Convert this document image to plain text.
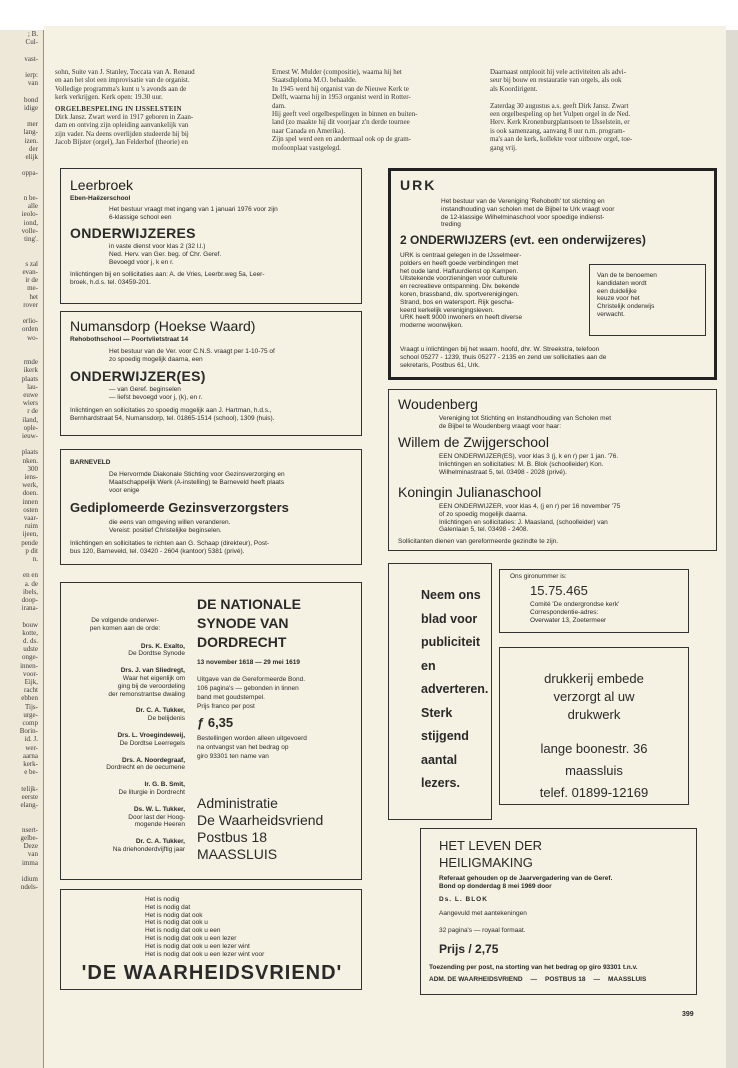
; B.
Cul-

vast-

ierp:
van

bond
idige

mer
lang-
izen.
der
elijk

oppa-

n be-
alle
ieolo-
iond,
volle-
ting'.

s zal
evan-
ir de
me-
het
rover

erlio-
orden
wo-

rmde
ikerk
plaats
lau-
euwe
wiers
r de
iland,
ople-
ieuw-

plaats
nken.
300
iens-
werk,
doen.
innen
osten
vaar-
ruim
ijeen,
pende
p dit
n.

en en
a. de
ibels,
doop-
irana-

bouw
kotte,
d. ds.
udste
onge-
innen-
voor-
Eijk,
racht
ebben
Tijs-
urge-
comp
Borin-
id. J.
wer-
aarna
kerk-
e be-

telijk-
eerste
elang-

nsert-
gelbe-
Deze
van
imma

idium
ndels-
sohn, Suite van J. Stanley, Toccata van A. Renaud
en aan het slot een improvisatie van de organist.
Volledige programma's kunt u 's avonds aan de
kerk verkrijgen. Kerk open: 19.30 uur.

ORGELBESPELING IN IJSSELSTEIN

Dirk Jansz. Zwart werd in 1917 geboren in Zaan-
dam en ontving zijn opleiding aanvankelijk van
zijn vader. Na deens overlijden studeerde hij bij
Jacob Bijster (orgel), Jan Felderhof (theorie) en
Ernest W. Mulder (compositie), waarna hij het
Staatsdiploma M.O. behaalde.
In 1945 werd hij organist van de Nieuwe Kerk te
Delft, waarna hij in 1953 organist werd in Rotter-
dam.
Hij geeft veel orgelbespelingen in binnen en buiten-
land (zo maakte hij dit voorjaar z'n derde tournee
naar Canada en Amerika).
Zijn spel werd een en andermaal ook op de gram-
mofoonplaat vastgelegd.
Daarnaast ontplooit hij vele activiteiten als advi-
seur bij bouw en restauratie van orgels, als ook
als Koordirigent.

Zaterdag 30 augustus a.s. geeft Dirk Jansz. Zwart
een orgelbespeling op het Vulpen orgel in de Ned.
Herv. Kerk Kronenburgplantsoen te IJsselstein, er
is ook samenzang, aanvang 8 uur n.m. program-
ma's aan de kerk, kollekte voor uitbouw orgel, toe-
gang vrij.
Leerbroek
Eben-Haëzerschool
Het bestuur vraagt met ingang van 1 januari 1976 voor zijn
6-klassige school een
ONDERWIJZERES
in vaste dienst voor klas 2 (32 l.l.)
Ned. Herv. van Ger. beg. of Chr. Geref.
Bevoegd voor j, k en r.
Inlichtingen bij en sollicitaties aan: A. de Vries, Leerbr.weg 5a, Leer-
broek, h.d.s. tel. 03459-201.
Numansdorp (Hoekse Waard)
Rehobothschool — Poortvlietstraat 14
Het bestuur van de Ver. voor C.N.S. vraagt per 1-10-75 of
zo spoedig mogelijk daarna, een
ONDERWIJZER(ES)
— van Geref. beginselen
— liefst bevoegd voor j, (k), en r.
Inlichtingen en sollicitaties zo spoedig mogelijk aan J. Hartman, h.d.s.,
Bernhardstraat 54, Numansdorp, tel. 01865-1514 (school), 1309 (huis).
BARNEVELD
De Hervormde Diakonale Stichting voor Gezinsverzorging en
Maatschappelijk Werk (A-instelling) te Barneveld heeft plaats
voor enige
Gediplomeerde Gezinsverzorgsters
die eens van omgeving willen veranderen.
Vereist: positief Christelijke beginselen.
Inlichtingen en sollicitaties te richten aan G. Schaap (direkteur), Post-
bus 120, Barneveld, tel. 03420 - 2604 (kantoor) 5381 (privé).
URK
Het bestuur van de Vereniging 'Rehoboth' tot stichting en
instandhouding van scholen met de Bijbel te Urk vraagt voor
de 12-klassige Wilhelminaschool voor spoedige indienst-
treding
2 ONDERWIJZERS (evt. een onderwijzeres)
URK is centraal gelegen in de IJsselmeer-
polders en heeft goede verbindingen met
het oude land. Halfuurdienst op Kampen.
Uitstekende voorzieningen voor culturele
en recreatieve ontspanning. Div. bekende
koren, brassband, div. sportverenigingen.
Strand, bos en watersport. Rijk gescha-
keerd kerkelijk verenigingsleven.
URK heeft 9000 inwoners en heeft diverse
moderne woonwijken.
Van de te benoemen
kandidaten wordt
een duidelijke
keuze voor het
Christelijk onderwijs
verwacht.
Vraagt u inlichtingen bij het waarn. hoofd, dhr. W. Streekstra, telefoon
school 05277 - 1239, thuis 05277 - 2135 en zend uw sollicitaties aan de
sekretaris, Postbus 61, Urk.
Woudenberg
Vereniging tot Stichting en Instandhouding van Scholen met
de Bijbel te Woudenberg vraagt voor haar:
Willem de Zwijgerschool
EEN ONDERWIJZER(ES), voor klas 3 (j, k en r) per 1 jan. '76.
Inlichtingen en sollicitaties: M. B. Blok (schoolleider) Kon.
Wilhelminastraat 5, tel. 03498 - 2028 (privé).
Koningin Julianaschool
EEN ONDERWIJZER, voor klas 4, (j en r) per 16 november '75
of zo spoedig mogelijk daarna.
Inlichtingen en sollicitaties: J. Maasland, (schoolleider) van
Galenlaan 5, tel. 03498 - 2408.
Sollicitanten dienen van gereformeerde gezindte te zijn.
De volgende onderwer-
pen komen aan de orde:
Drs. K. Exalto,
De Dordtse Synode
Drs. J. van Sliedregt,
Waar het eigenlijk om
ging bij de veroordeling
der remonstrantse dwaling
Dr. C. A. Tukker,
De belijdenis
Drs. L. Vroegindeweij,
De Dordtse Leerregels
Drs. A. Noordegraaf,
Dordrecht en de oecumene
Ir. G. B. Smit,
De liturgie in Dordrecht
Ds. W. L. Tukker,
Door last der Hoog-
mogende Heeren
Dr. C. A. Tukker,
Na driehonderdvijftig jaar
DE NATIONALE
SYNODE VAN
DORDRECHT
13 november 1618 — 29 mei 1619
Uitgave van de Gereformeerde Bond.
106 pagina's — gebonden in linnen
band met goudstempel.
Prijs franco per post
ƒ 6,35
Bestellingen worden alleen uitgevoerd
na ontvangst van het bedrag op
giro 93301 ten name van
Administratie
De Waarheidsvriend
Postbus 18
MAASSLUIS
Het is nodig
Het is nodig dat
Het is nodig dat ook
Het is nodig dat ook u
Het is nodig dat ook u een
Het is nodig dat ook u een lezer
Het is nodig dat ook u een lezer wint
Het is nodig dat ook u een lezer wint voor
'DE WAARHEIDSVRIEND'
Neem ons
blad voor
publiciteit
en
adverteren.
Sterk
stijgend
aantal
lezers.
Ons gironummer is:
15.75.465
Comité 'De ondergrondse kerk'
Correspondentie-adres:
Overwater 13, Zoetermeer
drukkerij embede
verzorgt al uw
drukwerk
lange boonestr. 36
maassluis
telef. 01899-12169
HET LEVEN DER
HEILIGMAKING
Referaat gehouden op de Jaarvergadering van de Geref.
Bond op donderdag 8 mei 1969 door
Ds. L. BLOK
Aangevuld met aantekeningen
32 pagina's — royaal formaat.
Prijs / 2,75
Toezending per post, na storting van het bedrag op giro 93301 t.n.v.
ADM. DE WAARHEIDSVRIEND — POSTBUS 18 — MAASSLUIS
399
